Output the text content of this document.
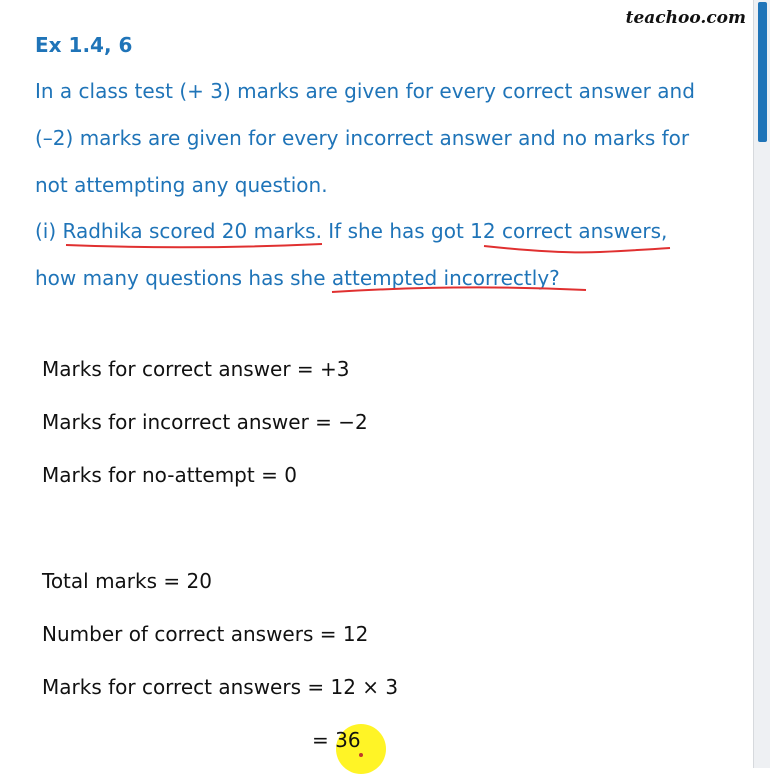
teachoo.com
Ex 1.4, 6
In a class test (+ 3) marks are given for every correct answer and
(–2) marks are given for every incorrect answer and no marks for
not attempting any question.
(i) Radhika scored 20 marks. If she has got 12 correct answers,
how many questions has she attempted incorrectly?
Marks for correct answer = +3
Marks for incorrect answer = −2
Marks for no-attempt = 0
Total marks = 20
Number of correct answers = 12
Marks for correct answers = 12 × 3
= 36
